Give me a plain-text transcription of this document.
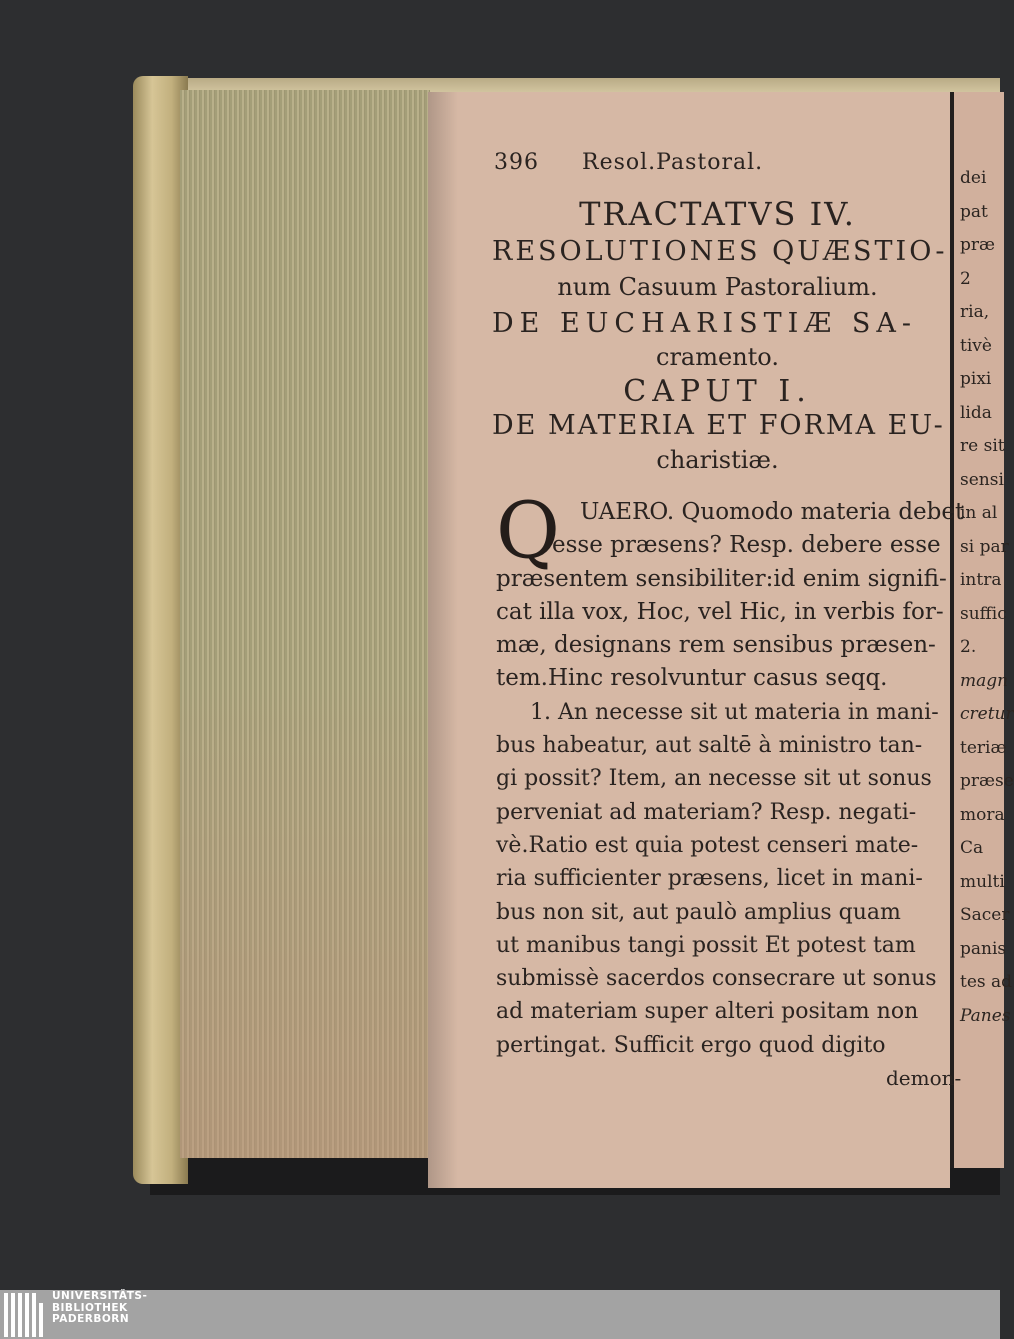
dei
pat
præ
2
ria,
tivè
pixi
lida
re sit
sensi
in al
si par
intra
suffic
2.
magn
cretur
teriæ
præse
mora
Ca
multi
Sacer
panis
tes ad
Panes
396 Resol.Pastoral.
TRACTATVS IV.
RESOLUTIONES QUÆSTIO-
num Casuum Pastoralium.
DE EUCHARISTIÆ SA-
cramento.
CAPUT I.
DE MATERIA ET FORMA EU-
charistiæ.
Q UAERO. Quomodo materia debet
esse præsens? Resp. debere esse
præsentem sensibiliter:id enim signifi-
cat illa vox, Hoc, vel Hic, in verbis for-
mæ, designans rem sensibus præsen-
tem.Hinc resolvuntur casus seqq.
1. An necesse sit ut materia in mani-
bus habeatur, aut saltē à ministro tan-
gi possit? Item, an necesse sit ut sonus
perveniat ad materiam? Resp. negati-
vè.Ratio est quia potest censeri mate-
ria sufficienter præsens, licet in mani-
bus non sit, aut paulò amplius quam
ut manibus tangi possit Et potest tam
submissè sacerdos consecrare ut sonus
ad materiam super alteri positam non
pertingat. Sufficit ergo quod digito
demon-
UNIVERSITÄTS-
BIBLIOTHEK
PADERBORN
